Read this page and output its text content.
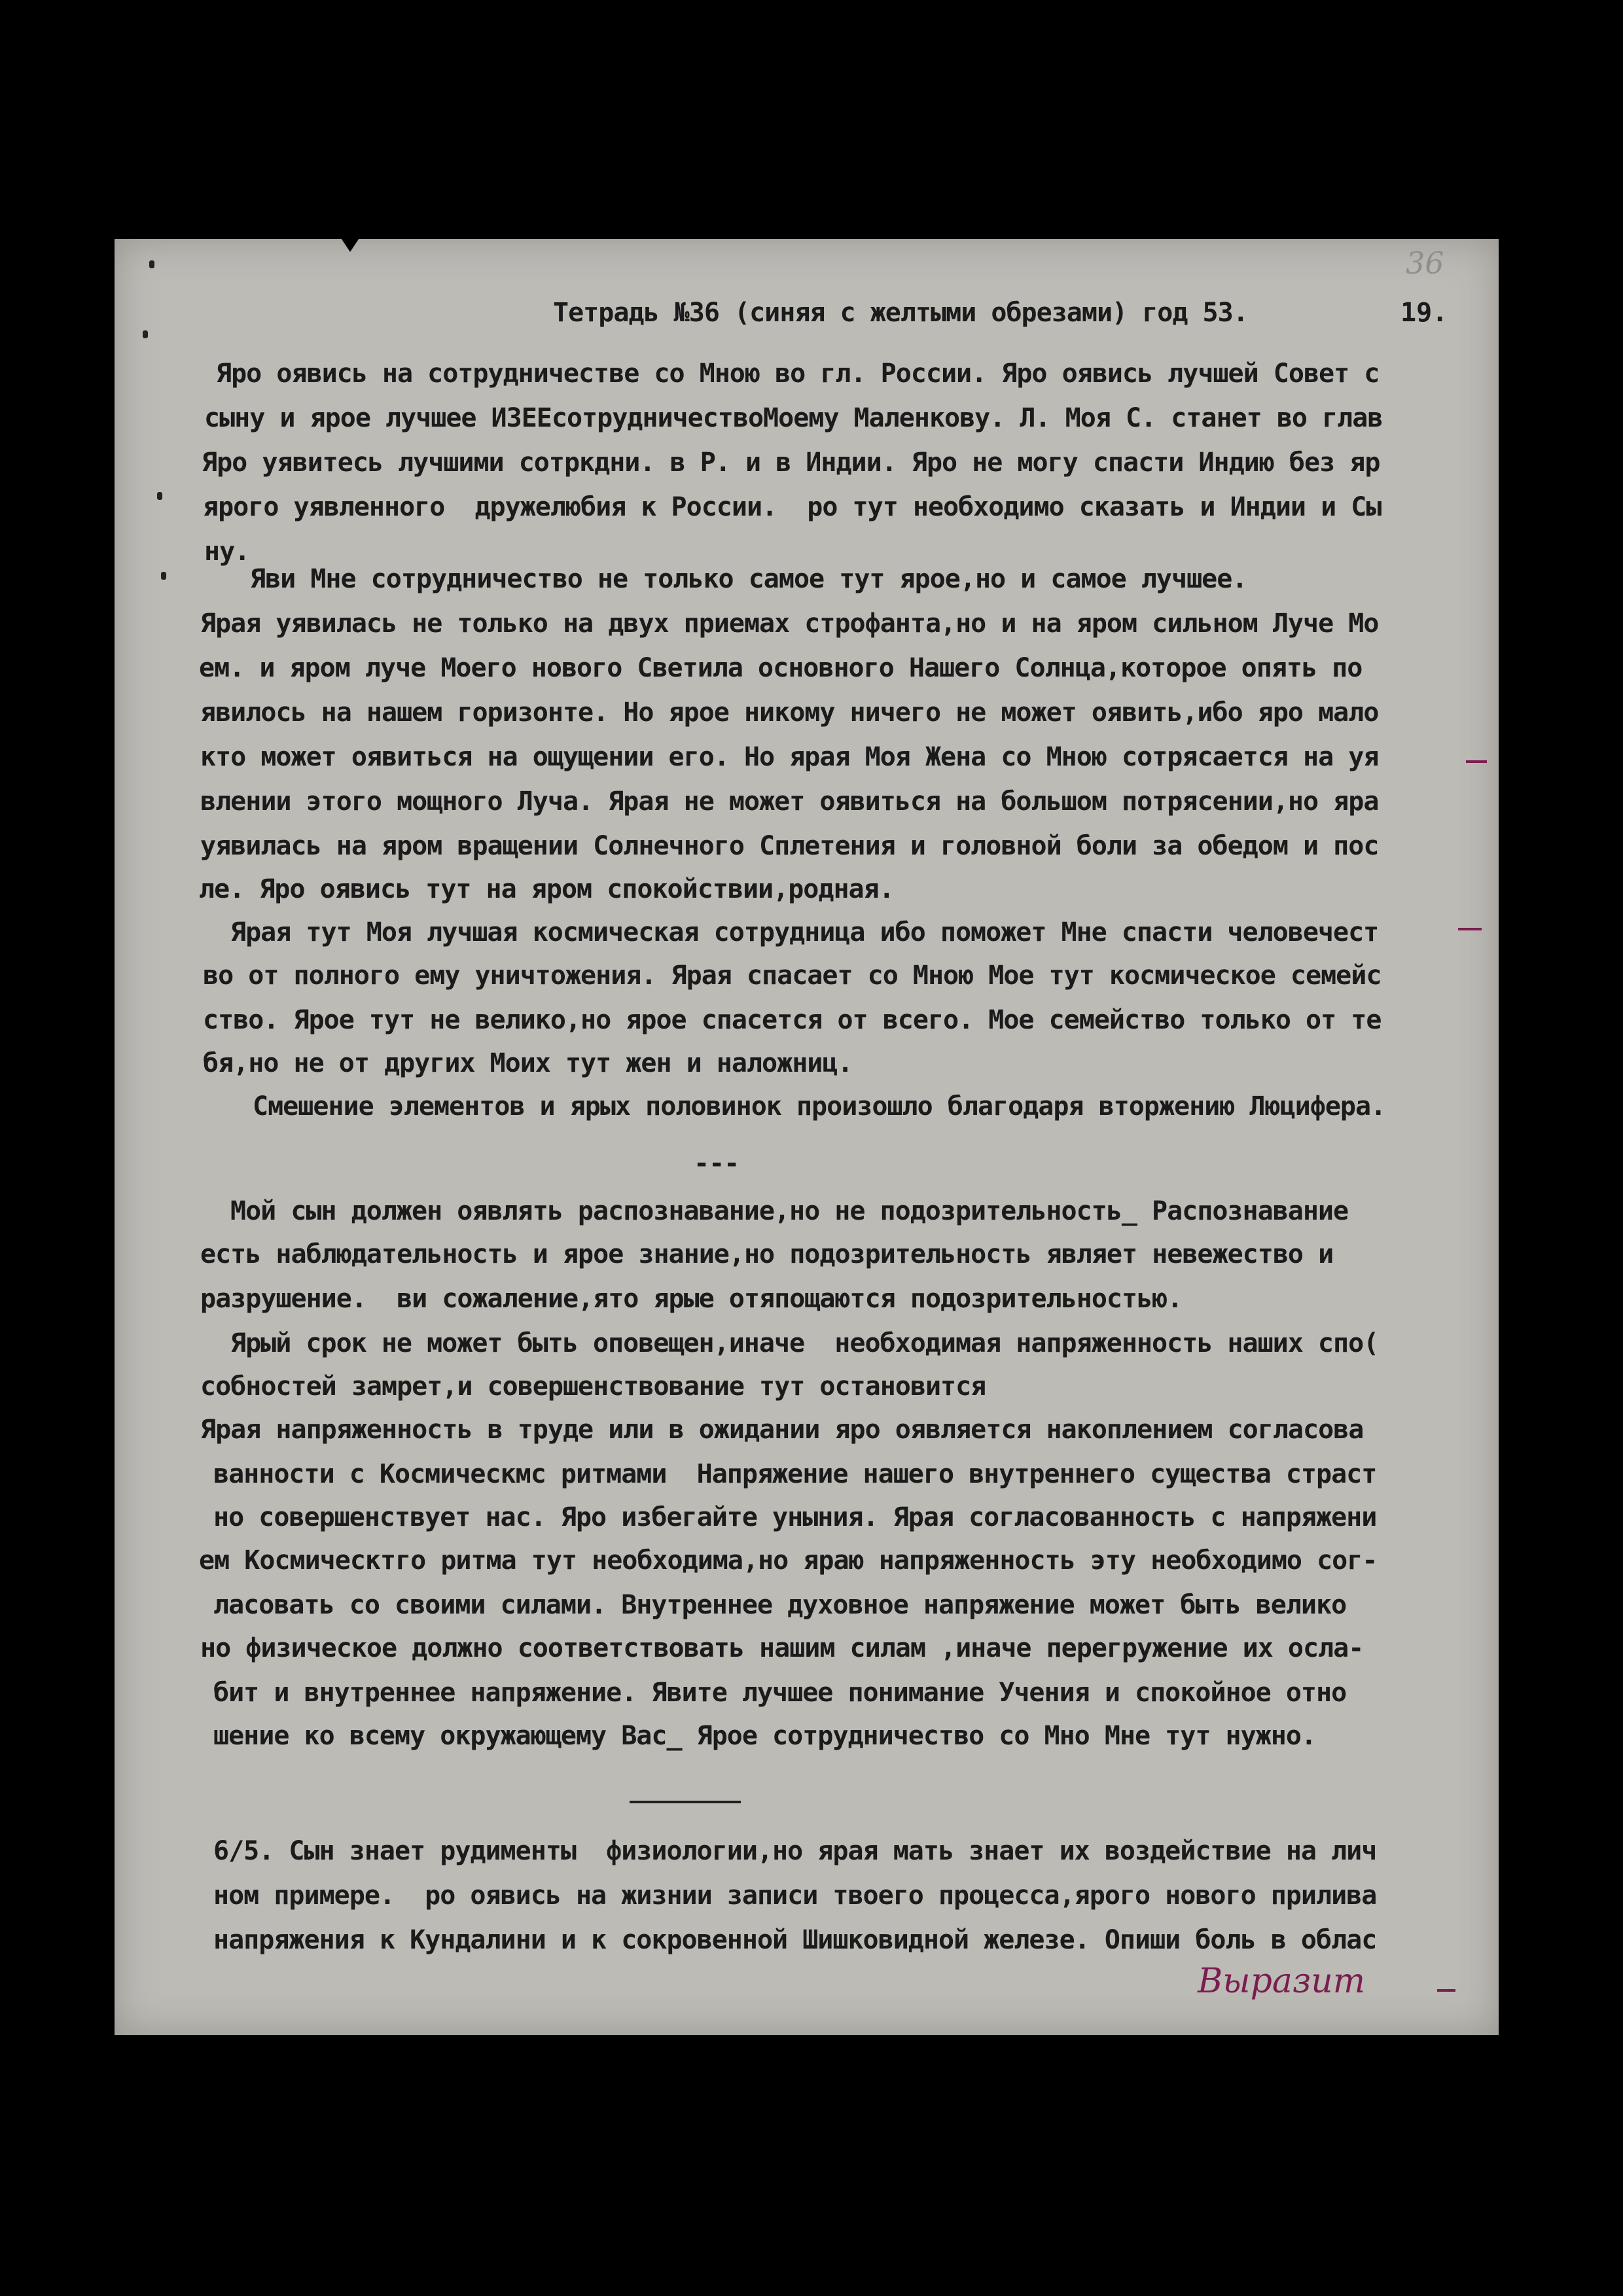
36
Тетрадь №36 (синяя с желтыми обрезами) год 53.	19.
Яро оявись на сотрудничестве со Мною во гл. России. Яро оявись лучшей Совет с
сыну и ярое лучшее ИЗЕЕсотрудничествоМоему Маленкову. Л. Моя С. станет во глав
Яро уявитесь лучшими сотркдни. в Р. и в Индии. Яро не могу спасти Индию без яр
ярого уявленного  дружелюбия к России.  ро тут необходимо сказать и Индии и Сы
ну.
Яви Мне сотрудничество не только самое тут ярое,но и самое лучшее.
Ярая уявилась не только на двух приемах строфанта,но и на яром сильном Луче Мо
ем. и яром луче Моего нового Светила основного Нашего Солнца,которое опять по
явилось на нашем горизонте. Но ярое никому ничего не может оявить,ибо яро мало
кто может оявиться на ощущении его. Но ярая Моя Жена со Мною сотрясается на уя
влении этого мощного Луча. Ярая не может оявиться на большом потрясении,но яра
уявилась на яром вращении Солнечного Сплетения и головной боли за обедом и пос
ле. Яро оявись тут на яром спокойствии,родная.
Ярая тут Моя лучшая космическая сотрудница ибо поможет Мне спасти человечест
во от полного ему уничтожения. Ярая спасает со Мною Мое тут космическое семейс
ство. Ярое тут не велико,но ярое спасется от всего. Мое семейство только от те
бя,но не от других Моих тут жен и наложниц.
Смешение элементов и ярых половинок произошло благодаря вторжению Люцифера.
---
Мой сын должен оявлять распознавание,но не подозрительность_ Распознавание
есть наблюдательность и ярое знание,но подозрительность являет невежество и
разрушение.  ви сожаление,ято ярые отяпощаются подозрительностью.
Ярый срок не может быть оповещен,иначе  необходимая напряженность наших спо(
собностей замрет,и совершенствование тут остановится
Ярая напряженность в труде или в ожидании яро оявляется накоплением согласова
ванности с Космическмс ритмами  Напряжение нашего внутреннего существа страст
но совершенствует нас. Яро избегайте уныния. Ярая согласованность с напряжени
ем Космическтго ритма тут необходима,но яраю напряженность эту необходимо сог-
ласовать со своими силами. Внутреннее духовное напряжение может быть велико
но физическое должно соответствовать нашим силам ,иначе перегружение их осла-
бит и внутреннее напряжение. Явите лучшее понимание Учения и спокойное отно
шение ко всему окружающему Вас_ Ярое сотрудничество со Мно Мне тут нужно.
6/5. Сын знает рудименты  физиологии,но ярая мать знает их воздействие на лич
ном примере.  ро оявись на жизнии записи твоего процесса,ярого нового прилива
напряжения к Кундалини и к сокровенной Шишковидной железе. Опиши боль в облас
Выразит
